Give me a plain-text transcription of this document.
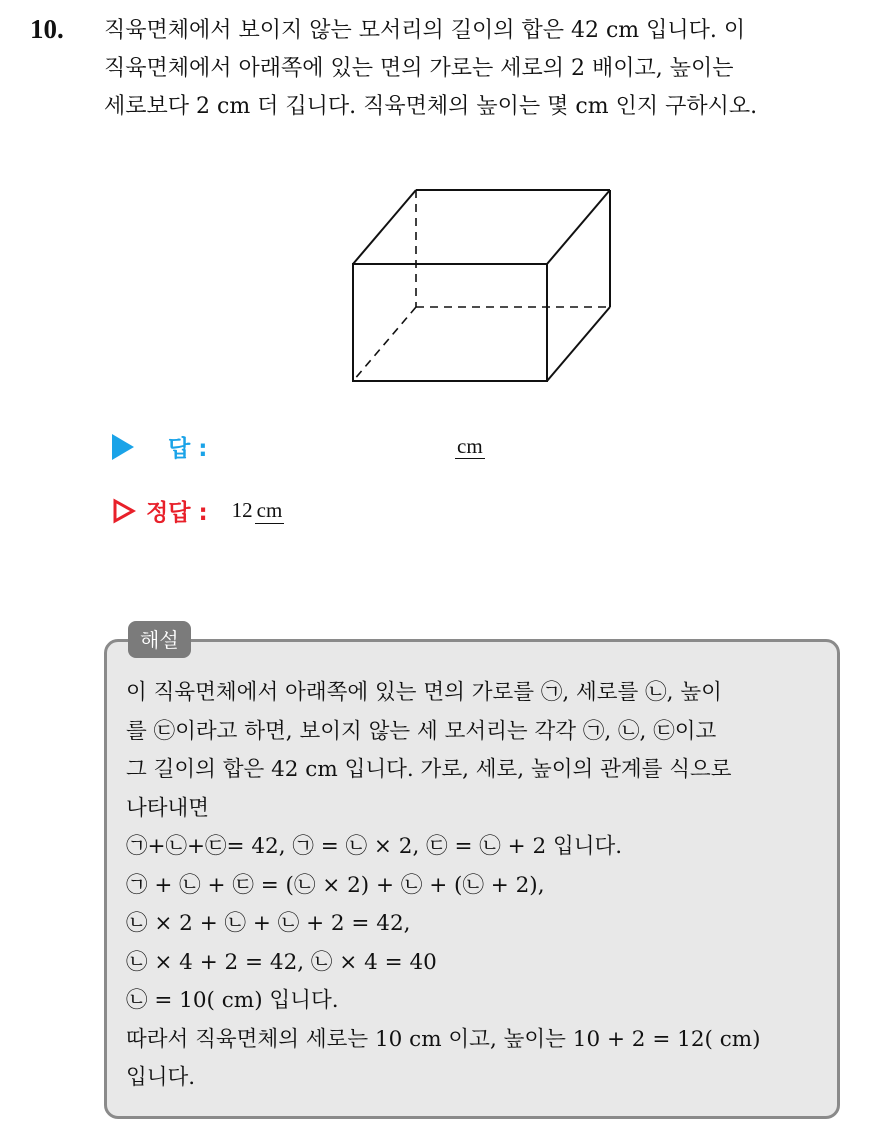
10. 직육면체에서 보이지 않는 모서리의 길이의 합은 42 cm 입니다. 이
직육면체에서 아래쪽에 있는 면의 가로는 세로의 2 배이고, 높이는
세로보다 2 cm 더 깁니다. 직육면체의 높이는 몇 cm 인지 구하시오.
답 :	cm
정답 : 12 cm
해설
이 직육면체에서 아래쪽에 있는 면의 가로를 ㉠, 세로를 ㉡, 높이
를 ㉢이라고 하면, 보이지 않는 세 모서리는 각각 ㉠, ㉡, ㉢이고
그 길이의 합은 42 cm 입니다. 가로, 세로, 높이의 관계를 식으로
나타내면
㉠+㉡+㉢= 42, ㉠ = ㉡ × 2, ㉢ = ㉡ + 2 입니다.
㉠ + ㉡ + ㉢ = (㉡ × 2) + ㉡ + (㉡ + 2),
㉡ × 2 + ㉡ + ㉡ + 2 = 42,
㉡ × 4 + 2 = 42, ㉡ × 4 = 40
㉡ = 10( cm) 입니다.
따라서 직육면체의 세로는 10 cm 이고, 높이는 10 + 2 = 12( cm)
입니다.
